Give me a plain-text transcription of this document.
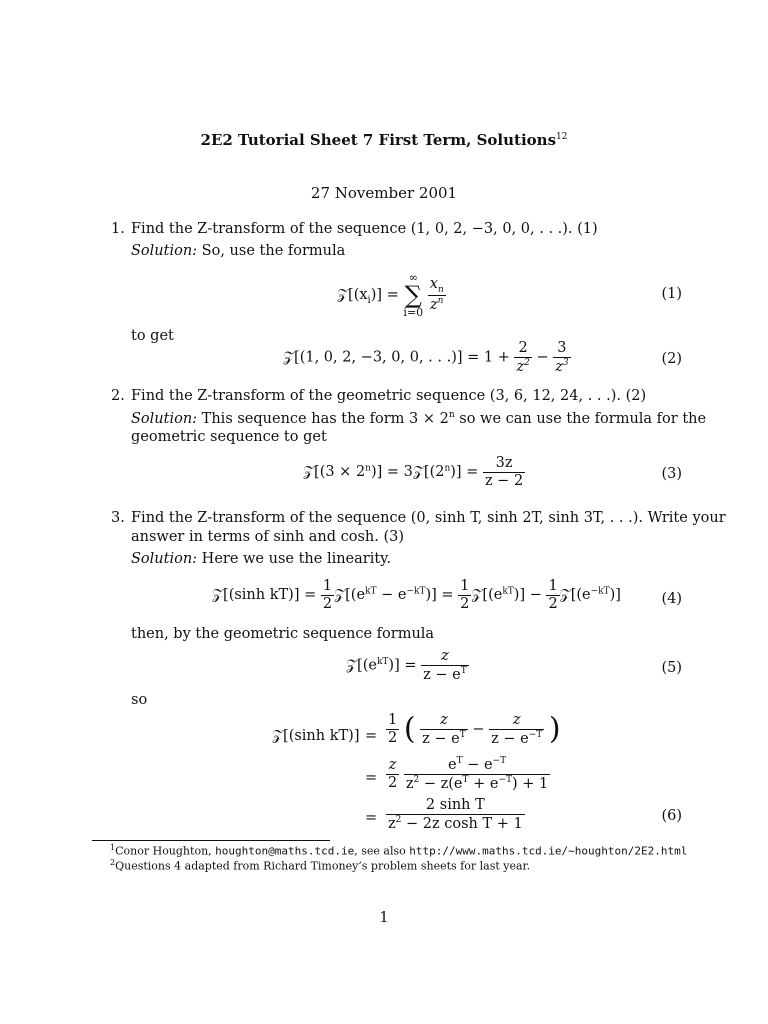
2E2 Tutorial Sheet 7 First Term, Solutions$^{12}$
27 November 2001
1. Find the Z-transform of the sequence (1, 0, 2, −3, 0, 0, . . .). (1)
Solution: So, use the formula
$𝒵[(x_i)]$ = ∞
∑
$i=0 \frac{x_n}{z^n}$	(1)
to get
𝒵[(1, 0, 2, −3, 0, 0, . . .)] = $1 + \frac{2}{z^2} - \frac{3}{z^3}$	(2)
2. Find the Z-transform of the geometric sequence (3, 6, 12, 24, . . .). (2)
Solution: This sequence has the form $3 \times 2^n$ so we can use the formula for the
geometric sequence to get
𝒵[(3 × $2^n$)] = $3𝒵[(2^n)] = \frac{3z}{z - 2}$	(3)
3. Find the Z-transform of the sequence (0, sinh T, sinh 2T, sinh 3T, . . .). Write your
answer in terms of sinh and cosh. (3)
Solution: Here we use the linearity.
𝒵[(sinh $kT)] = \frac{1}{2}$ $𝒵[(e^{kT} - e^{-kT})] = \frac{1}{2}$ $𝒵[(e^{kT})] - \frac{1}{2}$ $𝒵[(e^{-kT})]$	(4)
then, by the geometric sequence formula
$𝒵[(e^{kT})] = \frac{z}{z - e^T}$	(5)
so
𝒵[(sinh $kT)] = \frac{1}{2}$ ( $\frac{z}{z - e^T} - \frac{z}{z - e^{-T}}$ )
= $\frac{z}{2}$
$\frac{e^T - e^{-T}}{z^2 - z(e^T + e^{-T}) + 1}$
= $\frac{\text{2 sinh T}}{z^2 - 2z \cosh T + 1}$	(6)
$^1$Conor Houghton, houghton@maths.tcd.ie, see also http://www.maths.tcd.ie/~houghton/2E2.html
$^2$Questions 4 adapted from Richard Timoney’s problem sheets for last year.
1
